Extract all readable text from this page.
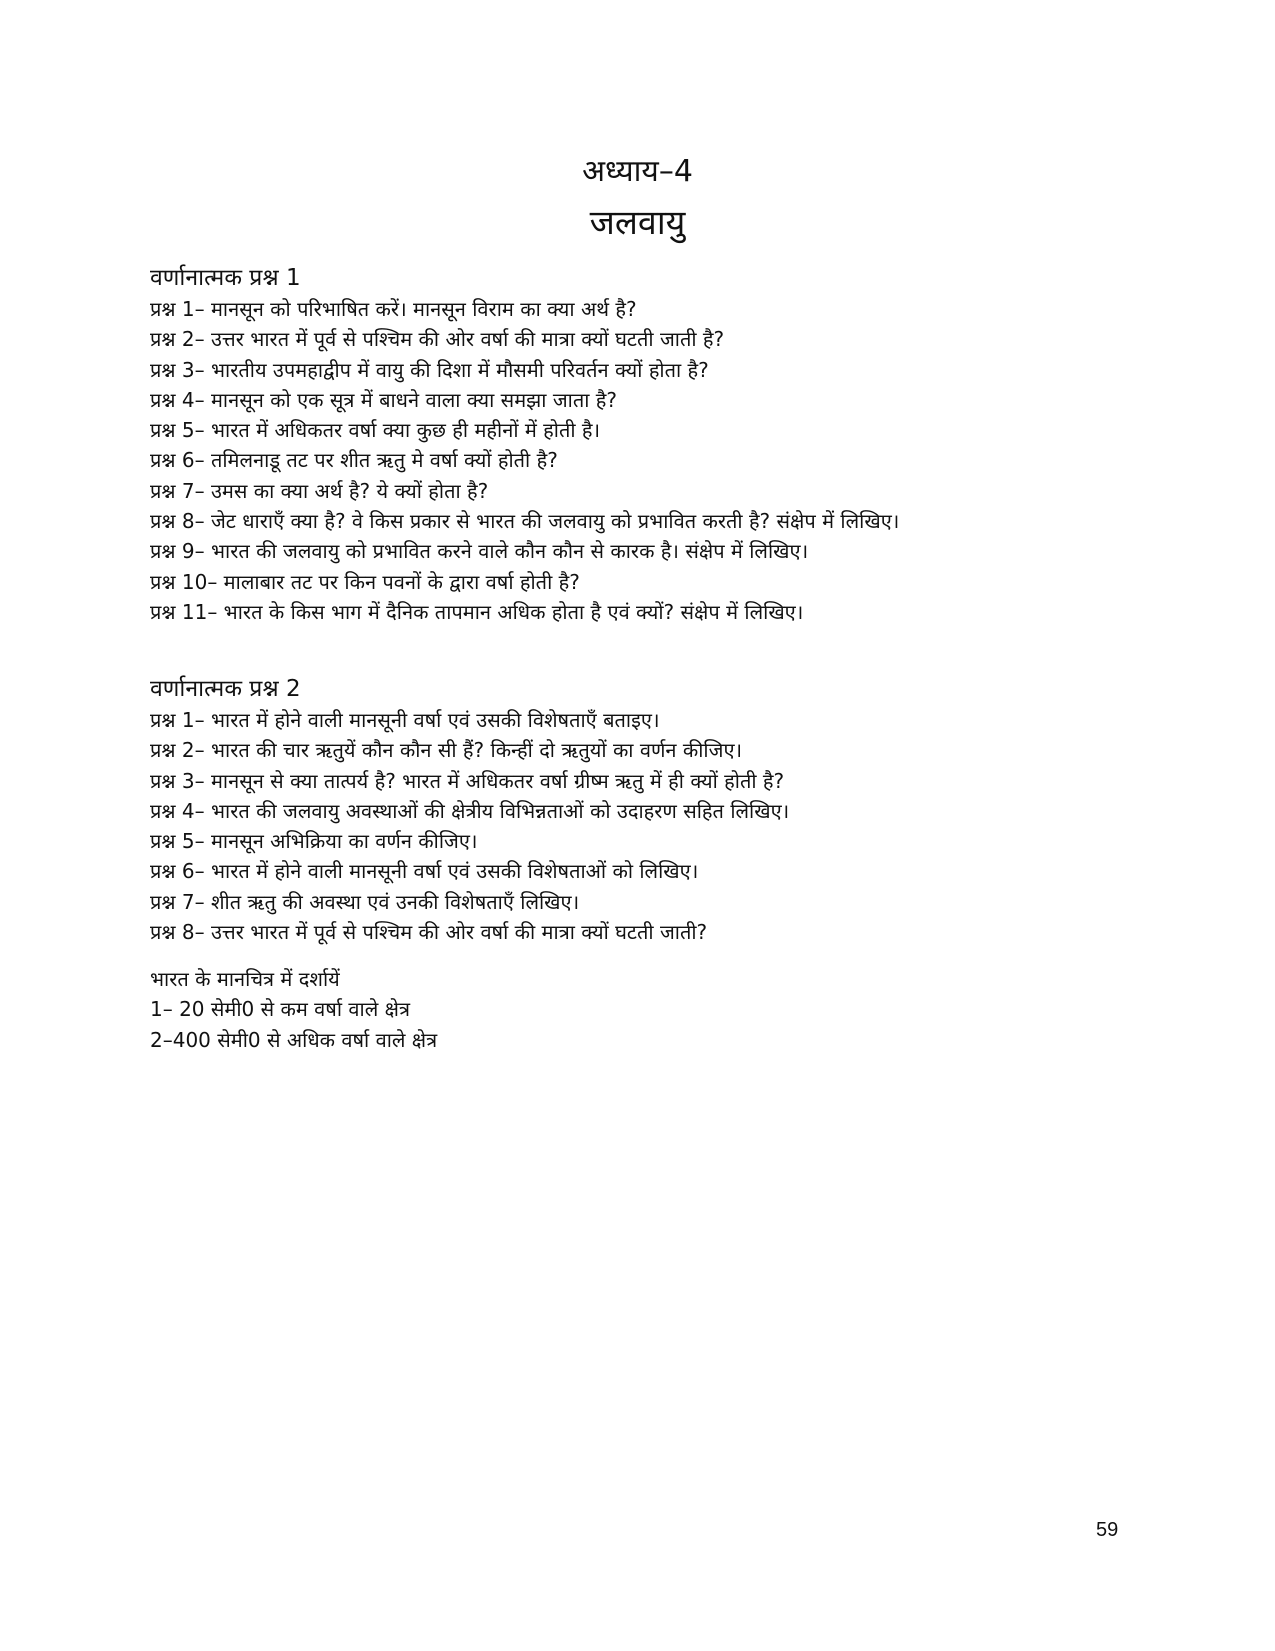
अध्याय–4
जलवायु
वर्णानात्मक प्रश्न 1
प्रश्न 1– मानसून को परिभाषित करें। मानसून विराम का क्या अर्थ है?
प्रश्न 2– उत्तर भारत में पूर्व से पश्चिम की ओर वर्षा की मात्रा क्यों घटती जाती है?
प्रश्न 3– भारतीय उपमहाद्वीप में वायु की दिशा में मौसमी परिवर्तन क्यों होता है?
प्रश्न 4– मानसून को एक सूत्र में बाधने वाला क्या समझा जाता है?
प्रश्न 5– भारत में अधिकतर वर्षा क्या कुछ ही महीनों में होती है।
प्रश्न 6– तमिलनाडू तट पर शीत ऋतु मे वर्षा क्यों होती है?
प्रश्न 7– उमस का क्या अर्थ है? ये क्यों होता है?
प्रश्न 8– जेट धाराएँ क्या है? वे किस प्रकार से भारत की जलवायु को प्रभावित करती है? संक्षेप में लिखिए।
प्रश्न 9– भारत की जलवायु को प्रभावित करने वाले कौन कौन से कारक है। संक्षेप में लिखिए।
प्रश्न 10– मालाबार तट पर किन पवनों के द्वारा वर्षा होती है?
प्रश्न 11– भारत के किस भाग में दैनिक तापमान अधिक होता है एवं क्यों? संक्षेप में लिखिए।
वर्णानात्मक प्रश्न 2
प्रश्न 1– भारत में होने वाली मानसूनी वर्षा एवं उसकी विशेषताएँ बताइए।
प्रश्न 2– भारत की चार ऋतुयें कौन कौन सी हैं? किन्हीं दो ऋतुयों का वर्णन कीजिए।
प्रश्न 3– मानसून से क्या तात्पर्य है? भारत में अधिकतर वर्षा ग्रीष्म ऋतु में ही क्यों होती है?
प्रश्न 4– भारत की जलवायु अवस्थाओं की क्षेत्रीय विभिन्नताओं को उदाहरण सहित लिखिए।
प्रश्न 5– मानसून अभिक्रिया का वर्णन कीजिए।
प्रश्न 6– भारत में होने वाली मानसूनी वर्षा एवं उसकी विशेषताओं को लिखिए।
प्रश्न 7– शीत ऋतु की अवस्था एवं उनकी विशेषताएँ लिखिए।
प्रश्न 8– उत्तर भारत में पूर्व से पश्चिम की ओर वर्षा की मात्रा क्यों घटती जाती?
भारत के मानचित्र में दर्शायें
1– 20 सेमी0 से कम वर्षा वाले क्षेत्र
2–400 सेमी0 से अधिक वर्षा वाले क्षेत्र
59
